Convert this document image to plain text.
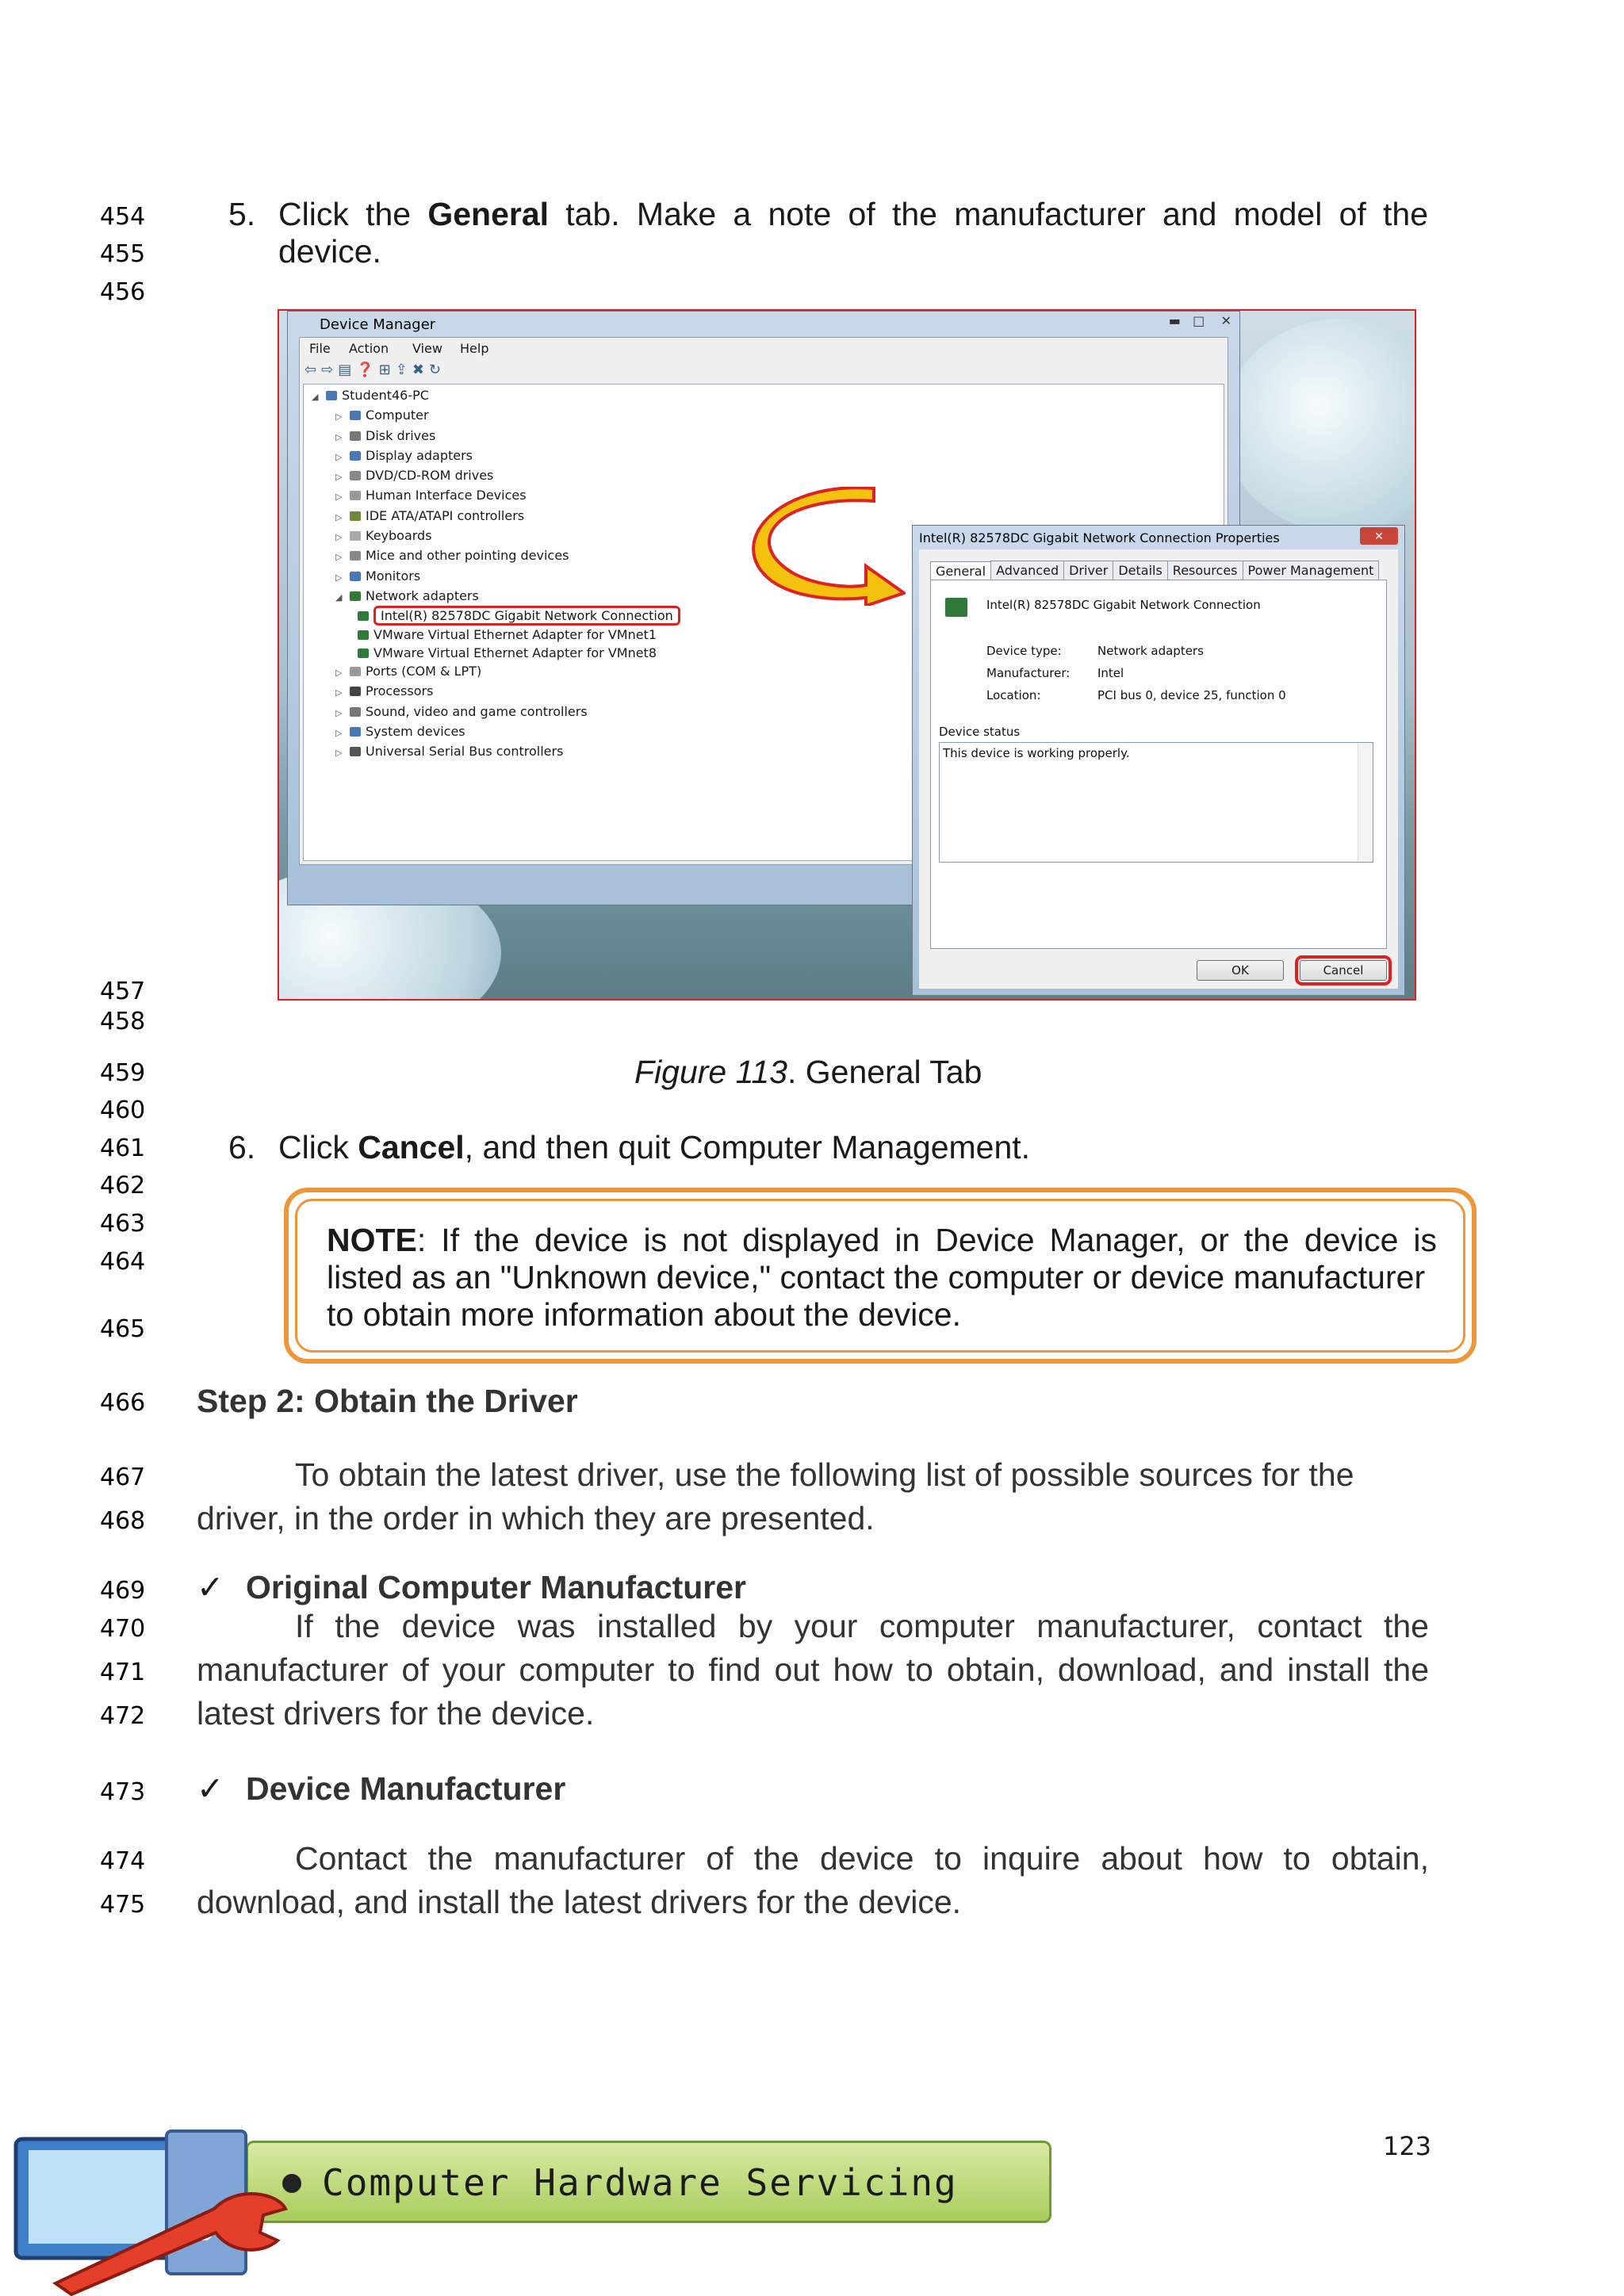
454
455
456
457
458
459
460
461
462
463
464
465
466
467
468
469
470
471
472
473
474
475
5. Click the General tab. Make a note of the manufacturer and model of the
device.
Device Manager	▬ □ ✕
File Action View Help
⇦⇨▤❓⊞⇪✖↻
◢ Student46-PC
▷ Computer
▷ Disk drives
▷ Display adapters
▷ DVD/CD-ROM drives
▷ Human Interface Devices
▷ IDE ATA/ATAPI controllers
▷ Keyboards
▷ Mice and other pointing devices
▷ Monitors
◢ Network adapters
Intel(R) 82578DC Gigabit Network Connection
VMware Virtual Ethernet Adapter for VMnet1
VMware Virtual Ethernet Adapter for VMnet8
▷ Ports (COM & LPT)
▷ Processors
▷ Sound, video and game controllers
▷ System devices
▷ Universal Serial Bus controllers
Intel(R) 82578DC Gigabit Network Connection Properties	✕
General Advanced Driver Details Resources Power Management
Intel(R) 82578DC Gigabit Network Connection
Device type:	Network adapters
Manufacturer: Intel
Location:	PCI bus 0, device 25, function 0
Device status
This device is working properly.
OK	Cancel
Figure 113. General Tab
6. Click Cancel, and then quit Computer Management.
NOTE: If the device is not displayed in Device Manager, or the device is
listed as an "Unknown device," contact the computer or device manufacturer
to obtain more information about the device.
Step 2: Obtain the Driver
To obtain the latest driver, use the following list of possible sources for the
driver, in the order in which they are presented.
✓ Original Computer Manufacturer
If the device was installed by your computer manufacturer, contact the
manufacturer of your computer to find out how to obtain, download, and install the
latest drivers for the device.
✓ Device Manufacturer
Contact the manufacturer of the device to inquire about how to obtain,
download, and install the latest drivers for the device.
123
Computer Hardware Servicing
